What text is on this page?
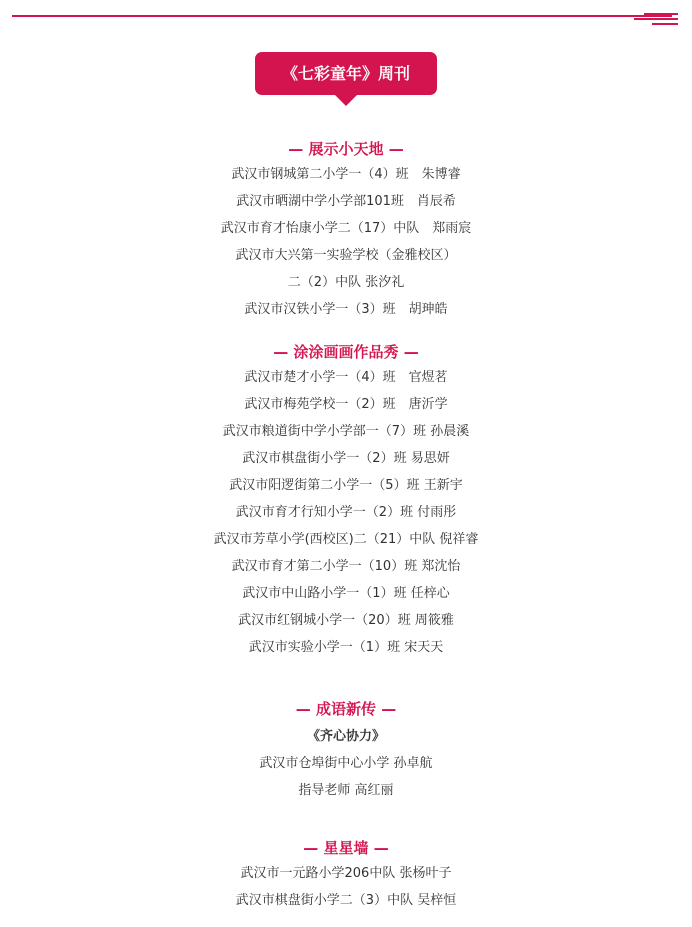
《七彩童年》周刊
— 展示小天地 —
武汉市钢城第二小学一（4）班　朱博睿
武汉市晒湖中学小学部101班　肖辰希
武汉市育才怡康小学二（17）中队　郑雨宸
武汉市大兴第一实验学校（金雅校区）
二（2）中队 张汐礼
武汉市汉铁小学一（3）班　胡珅皓
— 涂涂画画作品秀 —
武汉市楚才小学一（4）班　官煜茗
武汉市梅苑学校一（2）班　唐沂学
武汉市粮道街中学小学部一（7）班 孙晨溪
武汉市棋盘街小学一（2）班 易思妍
武汉市阳逻街第二小学一（5）班 王新宇
武汉市育才行知小学一（2）班 付雨彤
武汉市芳草小学(西校区)二（21）中队 倪祥睿
武汉市育才第二小学一（10）班 郑沈怡
武汉市中山路小学一（1）班 任梓心
武汉市红钢城小学一（20）班 周筱雅
武汉市实验小学一（1）班 宋天天
— 成语新传 —
《齐心协力》
武汉市仓埠街中心小学 孙卓航
指导老师 高红丽
— 星星墙 —
武汉市一元路小学206中队 张杨叶子
武汉市棋盘街小学二（3）中队 吴梓恒
